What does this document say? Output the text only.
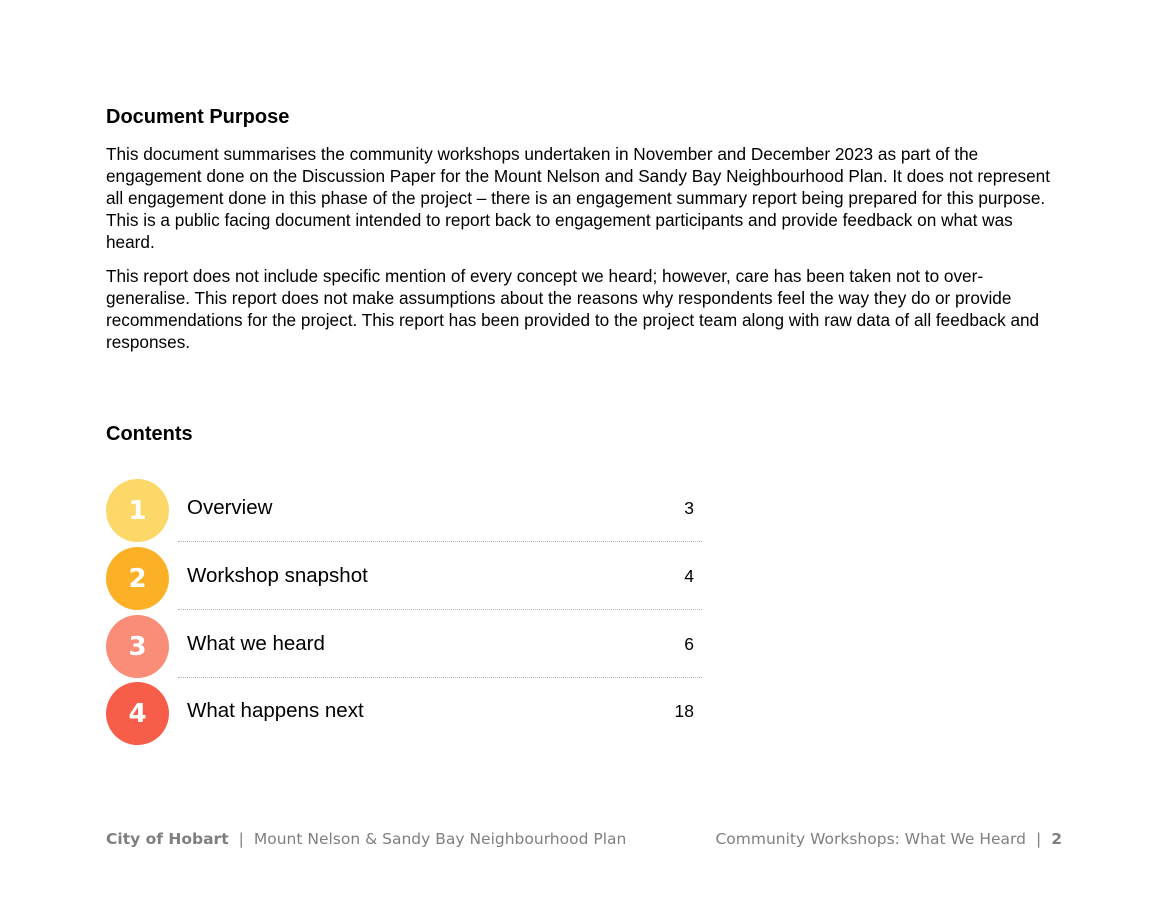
Document Purpose

This document summarises the community workshops undertaken in November and December 2023 as part of the engagement done on the Discussion Paper for the Mount Nelson and Sandy Bay Neighbourhood Plan. It does not represent all engagement done in this phase of the project – there is an engagement summary report being prepared for this purpose. This is a public facing document intended to report back to engagement participants and provide feedback on what was heard.

This report does not include specific mention of every concept we heard; however, care has been taken not to over-generalise. This report does not make assumptions about the reasons why respondents feel the way they do or provide recommendations for the project. This report has been provided to the project team along with raw data of all feedback and responses.

Contents
1	Overview	3
2	Workshop snapshot	4
3	What we heard	6
4	What happens next	18
City of Hobart | Mount Nelson & Sandy Bay Neighbourhood Plan	Community Workshops: What We Heard | 2
